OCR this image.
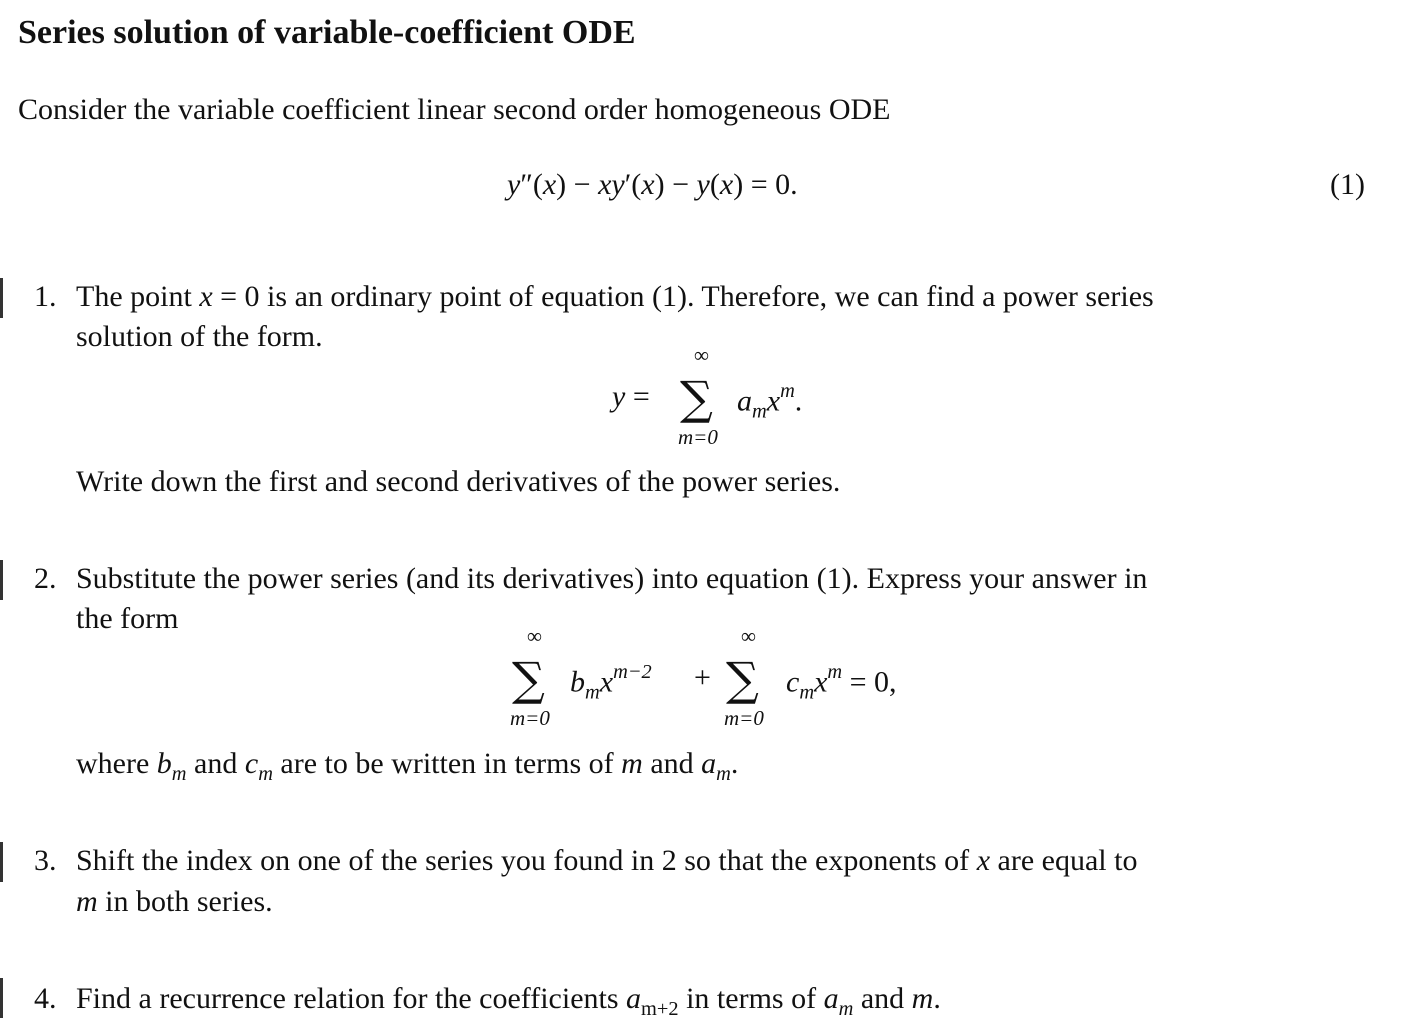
Series solution of variable-coefficient ODE
Consider the variable coefficient linear second order homogeneous ODE
y″(x) − xy′(x) − y(x) = 0.	(1)
1. The point x = 0 is an ordinary point of equation (1). Therefore, we can find a power series
solution of the form.
y = ∑
∞
m=0
$a_mx^m$.
Write down the first and second derivatives of the power series.
2. Substitute the power series (and its derivatives) into equation (1). Express your answer in
the form
∑
∞
m=0
$b_mx^{m-2}$ + ∑
∞
m=0
$c_mx^m = 0$,
where $b_m$ and $c_m$ are to be written in terms of m and $a_m$.
3. Shift the index on one of the series you found in 2 so that the exponents of x are equal to
m in both series.
4. Find a recurrence relation for the coefficients $a_{m+2}$ in terms of $a_m$ and m.
